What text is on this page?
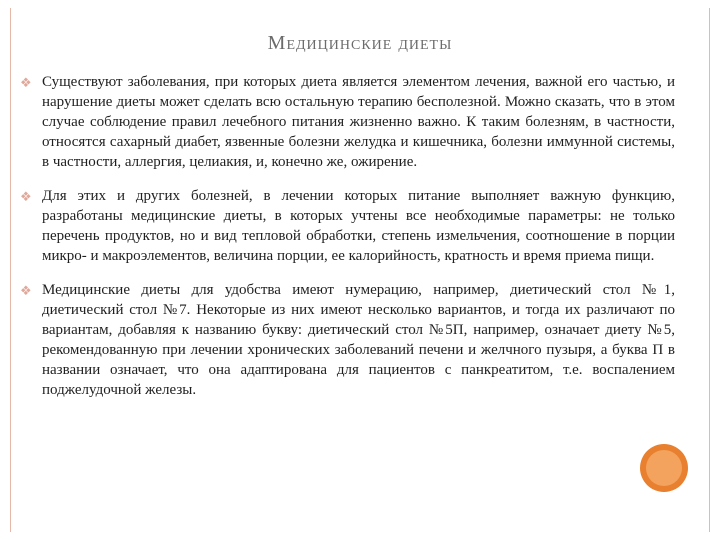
Медицинские диеты
❖ Существуют заболевания, при которых диета является элементом лечения, важной его частью, и нарушение диеты может сделать всю остальную терапию бесполезной. Можно сказать, что в этом случае соблюдение правил лечебного питания жизненно важно. К таким болезням, в частности, относятся сахарный диабет, язвенные болезни желудка и кишечника, болезни иммунной системы, в частности, аллергия, целиакия, и, конечно же, ожирение.
❖ Для этих и других болезней, в лечении которых питание выполняет важную функцию, разработаны медицинские диеты, в которых учтены все необходимые параметры: не только перечень продуктов, но и вид тепловой обработки, степень измельчения, соотношение в порции микро- и макроэлементов, величина порции, ее калорийность, кратность и время приема пищи.
❖ Медицинские диеты для удобства имеют нумерацию, например, диетический стол №1, диетический стол №7. Некоторые из них имеют несколько вариантов, и тогда их различают по вариантам, добавляя к названию букву: диетический стол №5П, например, означает диету №5, рекомендованную при лечении хронических заболеваний печени и желчного пузыря, а буква П в названии означает, что она адаптирована для пациентов с панкреатитом, т.е. воспалением поджелудочной железы.
